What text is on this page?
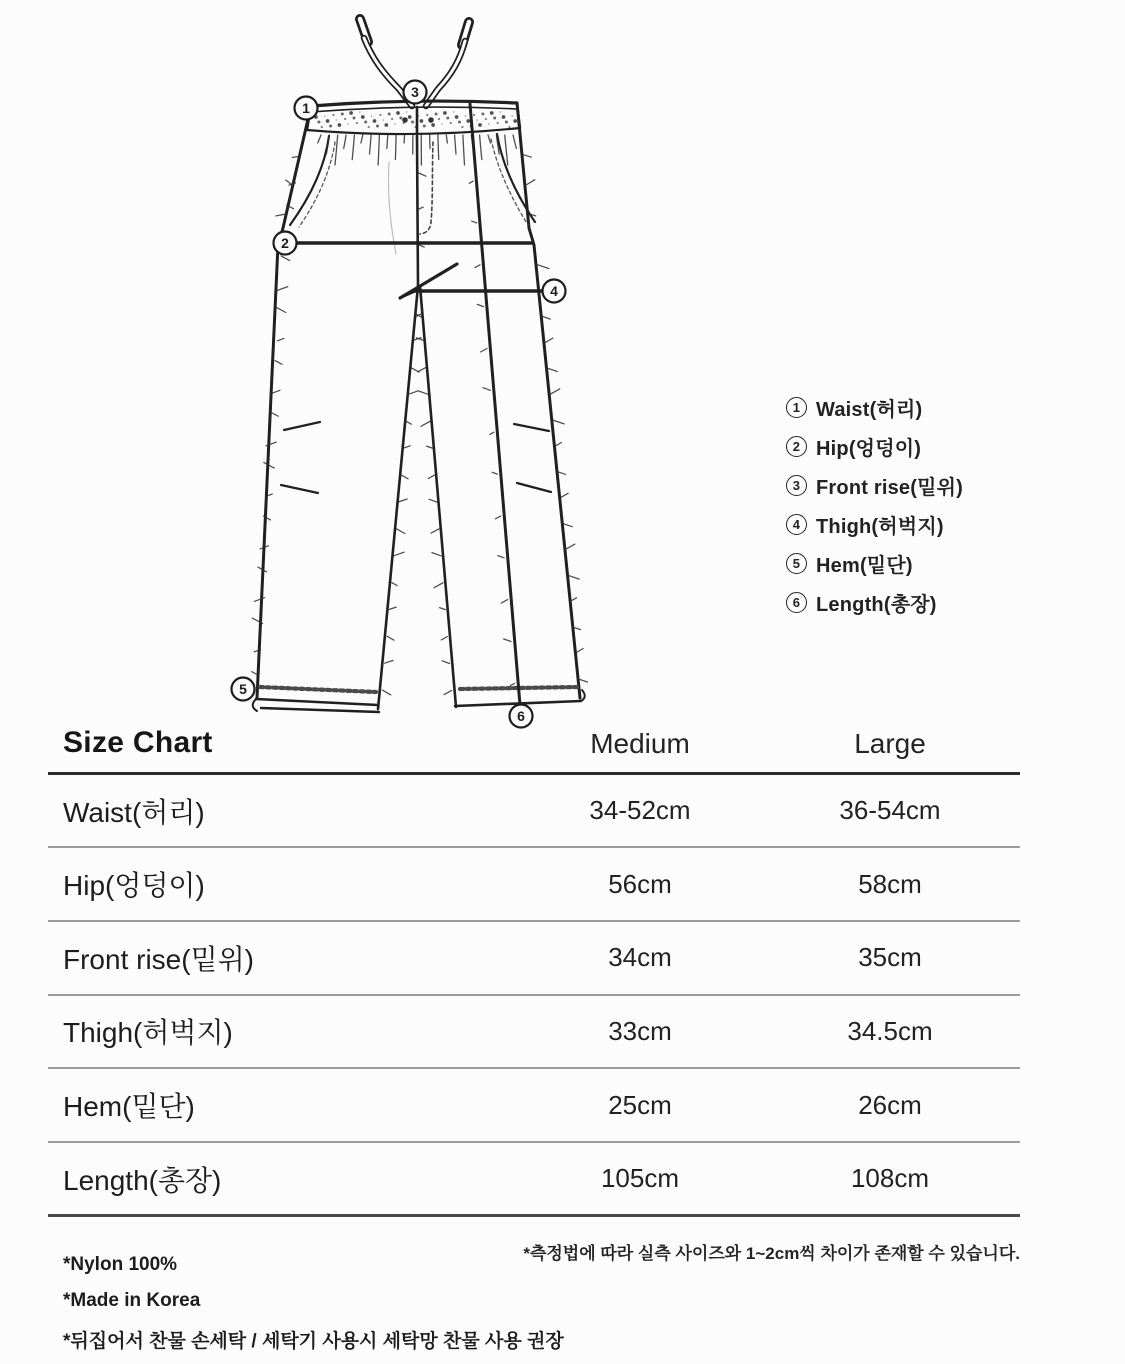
1
2
3
4
5
6
1 Waist(허리)
2 Hip(엉덩이)
3 Front rise(밑위)
4 Thigh(허벅지)
5 Hem(밑단)
6 Length(총장)
Size Chart	Medium	Large
Waist(허리)	34-52cm	36-54cm
Hip(엉덩이)	56cm	58cm
Front rise(밑위)	34cm	35cm
Thigh(허벅지)	33cm	34.5cm
Hem(밑단)	25cm	26cm
Length(총장)	105cm	108cm
*측정법에 따라 실측 사이즈와 1~2cm씩 차이가 존재할 수 있습니다.
*Nylon 100%
*Made in Korea
*뒤집어서 찬물 손세탁 / 세탁기 사용시 세탁망 찬물 사용 권장
